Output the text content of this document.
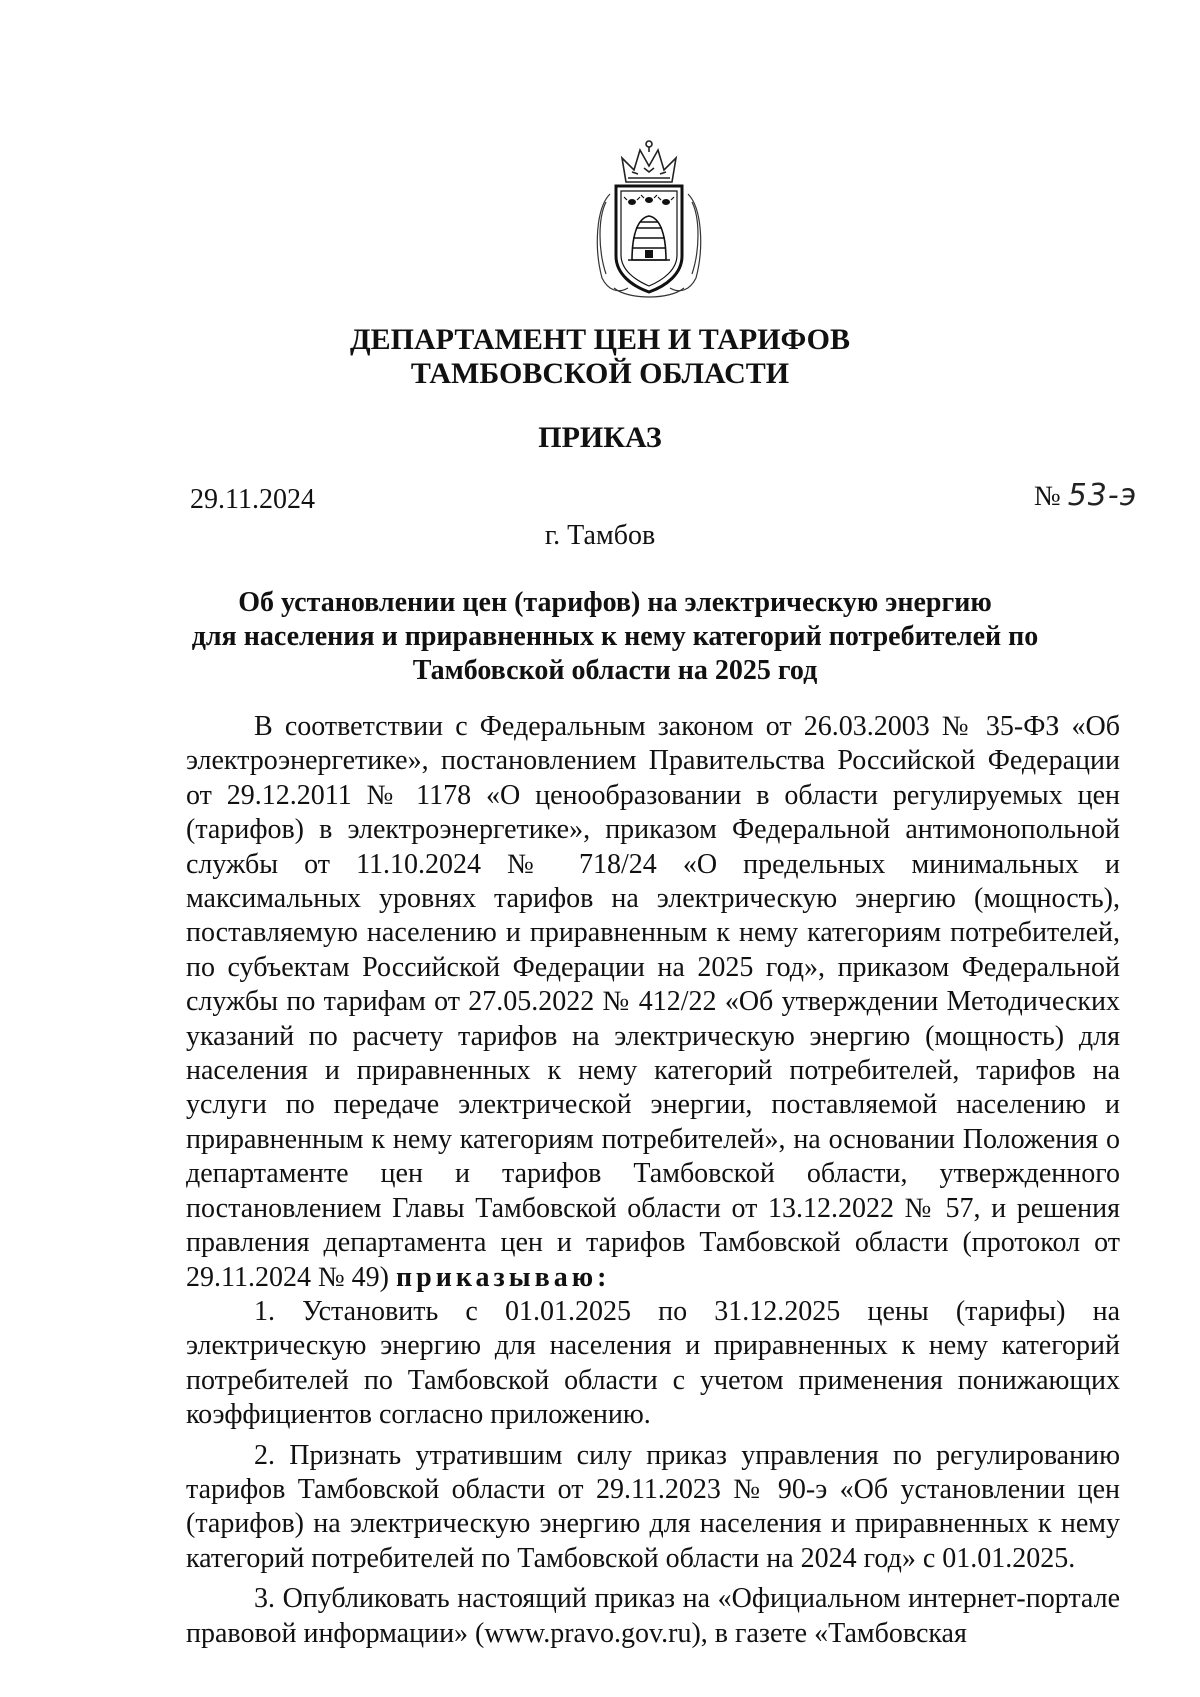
ДЕПАРТАМЕНТ ЦЕН И ТАРИФОВ
ТАМБОВСКОЙ ОБЛАСТИ
ПРИКАЗ
29.11.2024	№ 53-э
г. Тамбов
Об установлении цен (тарифов) на электрическую энергию
для населения и приравненных к нему категорий потребителей по
Тамбовской области на 2025 год

В соответствии с Федеральным законом от 26.03.2003 № 35-ФЗ «Об электроэнергетике», постановлением Правительства Российской Федерации от 29.12.2011 № 1178 «О ценообразовании в области регулируемых цен (тарифов) в электроэнергетике», приказом Федеральной антимонопольной службы от 11.10.2024 № 718/24 «О предельных минимальных и максимальных уровнях тарифов на электрическую энергию (мощность), поставляемую населению и приравненным к нему категориям потребителей, по субъектам Российской Федерации на 2025 год», приказом Федеральной службы по тарифам от 27.05.2022 № 412/22 «Об утверждении Методических указаний по расчету тарифов на электрическую энергию (мощность) для населения и приравненных к нему категорий потребителей, тарифов на услуги по передаче электрической энергии, поставляемой населению и приравненным к нему категориям потребителей», на основании Положения о департаменте цен и тарифов Тамбовской области, утвержденного постановлением Главы Тамбовской области от 13.12.2022 № 57, и решения правления департамента цен и тарифов Тамбовской области (протокол от 29.11.2024 № 49) приказываю:

1. Установить с 01.01.2025 по 31.12.2025 цены (тарифы) на электрическую энергию для населения и приравненных к нему категорий потребителей по Тамбовской области с учетом применения понижающих коэффициентов согласно приложению.

2. Признать утратившим силу приказ управления по регулированию тарифов Тамбовской области от 29.11.2023 № 90-э «Об установлении цен (тарифов) на электрическую энергию для населения и приравненных к нему категорий потребителей по Тамбовской области на 2024 год» с 01.01.2025.

3. Опубликовать настоящий приказ на «Официальном интернет-портале правовой информации» (www.pravo.gov.ru), в газете «Тамбовская
